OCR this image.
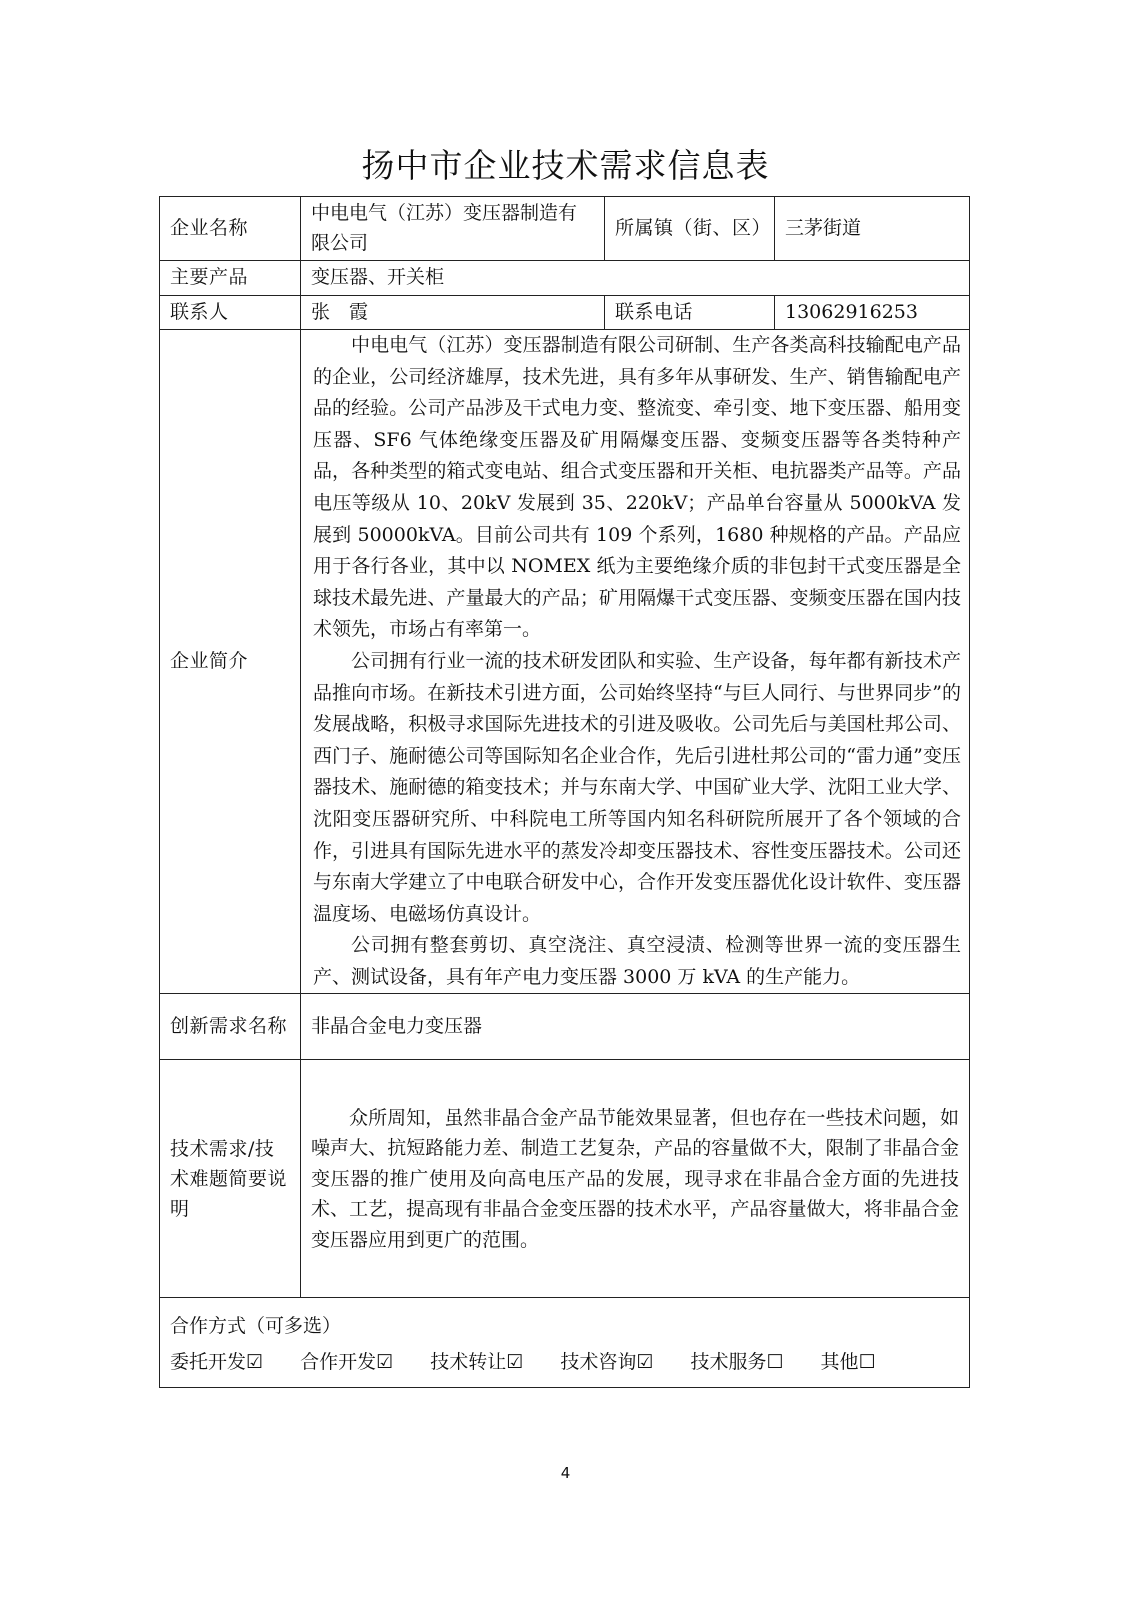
扬中市企业技术需求信息表
企业名称	中电电气（江苏）变压器制造有限公司	所属镇（街、区）	三茅街道
主要产品	变压器、开关柜		
联系人	张　霞	联系电话	13062916253
企业简介	中电电气（江苏）变压器制造有限公司研制、生产各类高科技输配电产品的企业，公司经济雄厚，技术先进，具有多年从事研发、生产、销售输配电产品的经验。公司产品涉及干式电力变、整流变、牵引变、地下变压器、船用变压器、SF6 气体绝缘变压器及矿用隔爆变压器、变频变压器等各类特种产品，各种类型的箱式变电站、组合式变压器和开关柜、电抗器类产品等。产品电压等级从 10、20kV 发展到 35、220kV；产品单台容量从 5000kVA 发展到 50000kVA。目前公司共有 109 个系列，1680 种规格的产品。产品应用于各行各业，其中以 NOMEX 纸为主要绝缘介质的非包封干式变压器是全球技术最先进、产量最大的产品；矿用隔爆干式变压器、变频变压器在国内技术领先，市场占有率第一。

公司拥有行业一流的技术研发团队和实验、生产设备，每年都有新技术产品推向市场。在新技术引进方面，公司始终坚持“与巨人同行、与世界同步”的发展战略，积极寻求国际先进技术的引进及吸收。公司先后与美国杜邦公司、西门子、施耐德公司等国际知名企业合作，先后引进杜邦公司的“雷力通”变压器技术、施耐德的箱变技术；并与东南大学、中国矿业大学、沈阳工业大学、沈阳变压器研究所、中科院电工所等国内知名科研院所展开了各个领域的合作，引进具有国际先进水平的蒸发冷却变压器技术、容性变压器技术。公司还与东南大学建立了中电联合研发中心，合作开发变压器优化设计软件、变压器温度场、电磁场仿真设计。

公司拥有整套剪切、真空浇注、真空浸渍、检测等世界一流的变压器生产、测试设备，具有年产电力变压器 3000 万 kVA 的生产能力。		

创新需求名称	非晶合金电力变压器		
技术需求/技术难题简要说明	众所周知，虽然非晶合金产品节能效果显著，但也存在一些技术问题，如噪声大、抗短路能力差、制造工艺复杂，产品的容量做不大，限制了非晶合金变压器的推广使用及向高电压产品的发展，现寻求在非晶合金方面的先进技术、工艺，提高现有非晶合金变压器的技术水平，产品容量做大，将非晶合金变压器应用到更广的范围。		

合作方式（可多选）
委托开发☑ 合作开发☑ 技术转让☑ 技术咨询☑ 技术服务☐ 其他☐			
4
